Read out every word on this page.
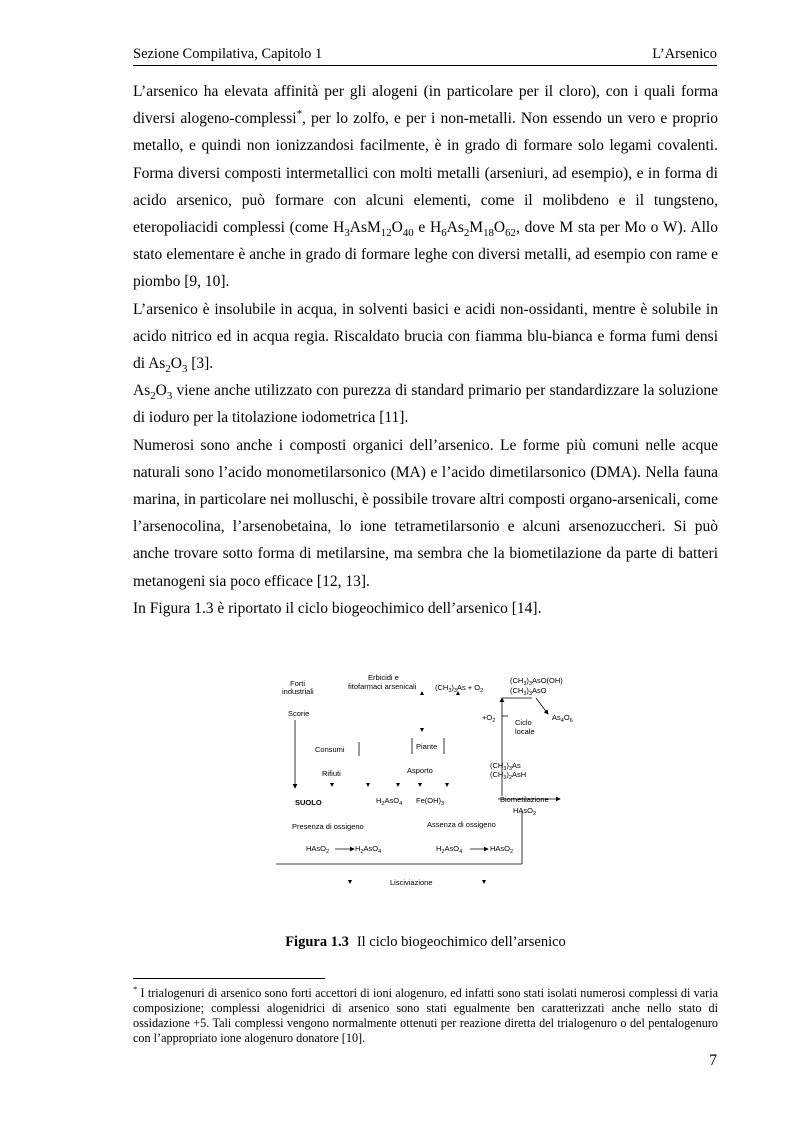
Sezione Compilativa, Capitolo 1	L’Arsenico

L’arsenico ha elevata affinità per gli alogeni (in particolare per il cloro), con i quali forma diversi alogeno-complessi*, per lo zolfo, e per i non-metalli. Non essendo un vero e proprio metallo, e quindi non ionizzandosi facilmente, è in grado di formare solo legami covalenti. Forma diversi composti intermetallici con molti metalli (arseniuri, ad esempio), e in forma di acido arsenico, può formare con alcuni elementi, come il molibdeno e il tungsteno, eteropoliacidi complessi (come $H_3AsM_{12}O_{40}$ e $H_6As_2M_{18}O_{62}$, dove M sta per Mo o W). Allo stato elementare è anche in grado di formare leghe con diversi metalli, ad esempio con rame e piombo [9, 10].

L’arsenico è insolubile in acqua, in solventi basici e acidi non-ossidanti, mentre è solubile in acido nitrico ed in acqua regia. Riscaldato brucia con fiamma blu-bianca e forma fumi densi di $As_2O_3$ [3].

$As_2O_3$ viene anche utilizzato con purezza di standard primario per standardizzare la soluzione di ioduro per la titolazione iodometrica [11].

Numerosi sono anche i composti organici dell’arsenico. Le forme più comuni nelle acque naturali sono l’acido monometilarsonico (MA) e l’acido dimetilarsonico (DMA). Nella fauna marina, in particolare nei molluschi, è possibile trovare altri composti organo-arsenicali, come l’arsenocolina, l’arsenobetaina, lo ione tetrametilarsonio e alcuni arsenozuccheri. Si può anche trovare sotto forma di metilarsine, ma sembra che la biometilazione da parte di batteri metanogeni sia poco efficace [12, 13].

In Figura 1.3 è riportato il ciclo biogeochimico dell’arsenico [14].

Forti
industriali
Erbicidi e
fitofarmaci arsenicali $(CH_3)_3As + O_2$
$(CH_3)_3AsO(OH)$
$(CH_3)_3AsO$
Scorie	$+O_2$	Ciclo
locale
$As_4O_6$
Consumi	Piante
Rifiuti	Asporto
$(CH_3)_3As$
$(CH_3)_2AsH$
SUOLO	$H_2AsO_4$ $Fe(OH)_3$	Biometilazione
HAsO$_2$
Presenza di ossigeno	Assenza di ossigeno
HAsO$_2$	$H_2AsO_4$	$H_2AsO_4$	HAsO$_2$
Lisciviazione
Figura 1.3 Il ciclo biogeochimico dell’arsenico
* I trialogenuri di arsenico sono forti accettori di ioni alogenuro, ed infatti sono stati isolati numerosi complessi di varia composizione; complessi alogenidrici di arsenico sono stati egualmente ben caratterizzati anche nello stato di ossidazione +5. Tali complessi vengono normalmente ottenuti per reazione diretta del trialogenuro o del pentalogenuro con l’appropriato ione alogenuro donatore [10].
7
